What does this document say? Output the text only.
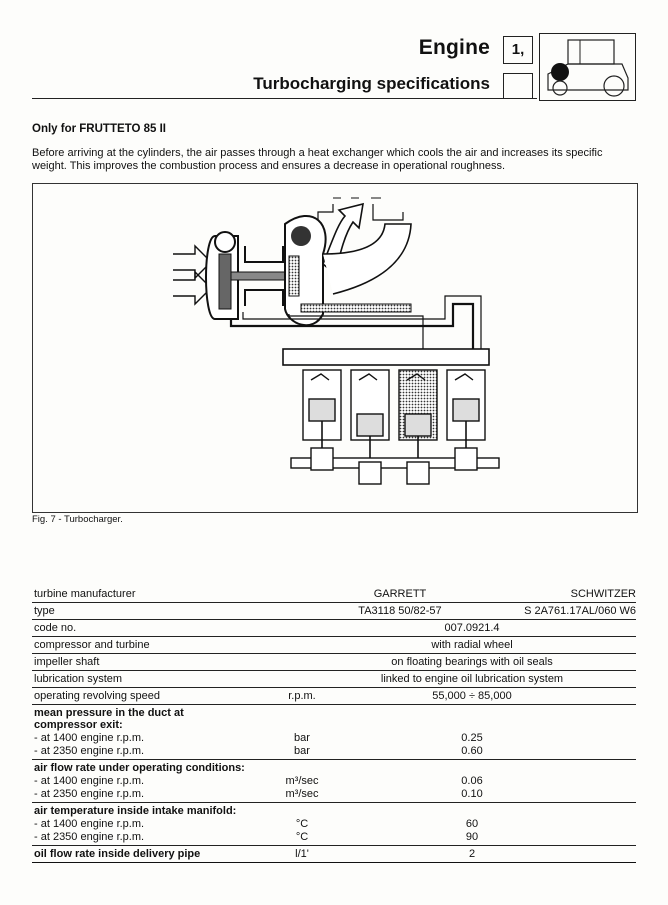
Engine
Turbocharging specifications
1,
Only for FRUTTETO 85 II
Before arriving at the cylinders, the air passes through a heat exchanger which cools the air and increases its specific weight. This improves the combustion process and ensures a decrease in operational roughness.
Fig. 7 - Turbocharger.
turbine manufacturer	GARRETT	SCHWITZER
type	TA3118 50/82-57	S 2A761.17AL/060 W6
code no.	007.0921.4
compressor and turbine	with radial wheel
impeller shaft	on floating bearings with oil seals
lubrication system	linked to engine oil lubrication system
operating revolving speed	r.p.m.	55,000 ÷ 85,000
mean pressure in the duct at
compressor exit:
- at 1400 engine r.p.m.	bar	0.25
- at 2350 engine r.p.m.	bar	0.60
air flow rate under operating conditions:
- at 1400 engine r.p.m.	m³/sec	0.06
- at 2350 engine r.p.m.	m³/sec	0.10
air temperature inside intake manifold:
- at 1400 engine r.p.m.	°C	60
- at 2350 engine r.p.m.	°C	90
oil flow rate inside delivery pipe	l/1'	2
